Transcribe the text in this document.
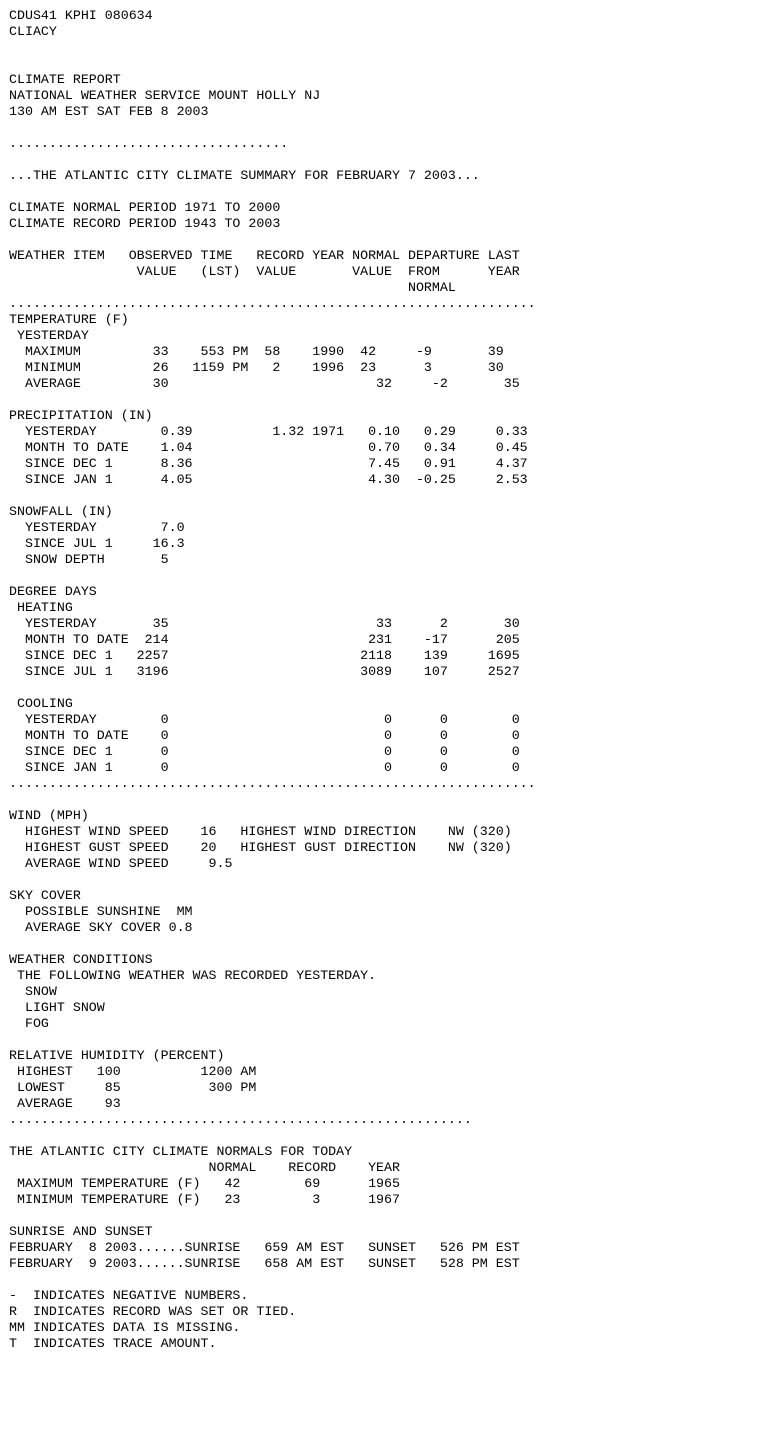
CDUS41 KPHI 080634
CLIACY

CLIMATE REPORT
NATIONAL WEATHER SERVICE MOUNT HOLLY NJ
130 AM EST SAT FEB 8 2003

...................................

...THE ATLANTIC CITY CLIMATE SUMMARY FOR FEBRUARY 7 2003...

CLIMATE NORMAL PERIOD 1971 TO 2000
CLIMATE RECORD PERIOD 1943 TO 2003

WEATHER ITEM   OBSERVED TIME   RECORD YEAR NORMAL DEPARTURE LAST
VALUE   (LST)  VALUE       VALUE  FROM      YEAR
NORMAL
..................................................................
TEMPERATURE (F)
YESTERDAY
MAXIMUM         33    553 PM  58    1990  42     -9       39
MINIMUM         26   1159 PM   2    1996  23      3       30
AVERAGE         30                          32     -2       35

PRECIPITATION (IN)
YESTERDAY        0.39          1.32 1971   0.10   0.29     0.33
MONTH TO DATE    1.04                      0.70   0.34     0.45
SINCE DEC 1      8.36                      7.45   0.91     4.37
SINCE JAN 1      4.05                      4.30  -0.25     2.53

SNOWFALL (IN)
YESTERDAY        7.0
SINCE JUL 1     16.3
SNOW DEPTH       5

DEGREE DAYS
HEATING
YESTERDAY       35                          33      2       30
MONTH TO DATE  214                         231    -17      205
SINCE DEC 1   2257                        2118    139     1695
SINCE JUL 1   3196                        3089    107     2527

COOLING
YESTERDAY        0                           0      0        0
MONTH TO DATE    0                           0      0        0
SINCE DEC 1      0                           0      0        0
SINCE JAN 1      0                           0      0        0
..................................................................

WIND (MPH)
HIGHEST WIND SPEED    16   HIGHEST WIND DIRECTION    NW (320)
HIGHEST GUST SPEED    20   HIGHEST GUST DIRECTION    NW (320)
AVERAGE WIND SPEED     9.5

SKY COVER
POSSIBLE SUNSHINE  MM
AVERAGE SKY COVER 0.8

WEATHER CONDITIONS
THE FOLLOWING WEATHER WAS RECORDED YESTERDAY.
SNOW
LIGHT SNOW
FOG

RELATIVE HUMIDITY (PERCENT)
HIGHEST   100          1200 AM
LOWEST     85           300 PM
AVERAGE    93
..........................................................

THE ATLANTIC CITY CLIMATE NORMALS FOR TODAY
NORMAL    RECORD    YEAR
MAXIMUM TEMPERATURE (F)   42        69      1965
MINIMUM TEMPERATURE (F)   23         3      1967

SUNRISE AND SUNSET
FEBRUARY  8 2003......SUNRISE   659 AM EST   SUNSET   526 PM EST
FEBRUARY  9 2003......SUNRISE   658 AM EST   SUNSET   528 PM EST

-  INDICATES NEGATIVE NUMBERS.
R  INDICATES RECORD WAS SET OR TIED.
MM INDICATES DATA IS MISSING.
T  INDICATES TRACE AMOUNT.
